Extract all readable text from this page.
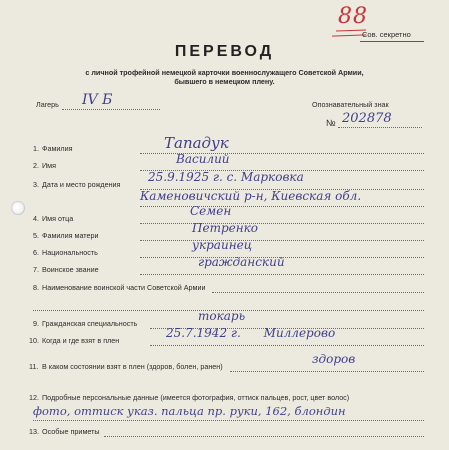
88
Сов. секретно
ПЕРЕВОД
с личной трофейной немецкой карточки военнослужащего Советской Армии,
бывшего в немецком плену.
Лагерь IV Б	Опознавательный знак
№ 202878
1. Фамилия	Тападук
2. Имя	Василий
3. Дата и место рождения
25.9.1925 г. с. Марковка
Каменовичский р-н, Киевская обл.
4. Имя отца
Семен
5. Фамилия матери
Петренко
6. Национальность
украинец
7. Воинское звание
гражданский
8. Наименование воинской части Советской Армии
9. Гражданская специальность
токарь
10. Когда и где взят в плен
25.7.1942 г.      Миллерово
11. В каком состоянии взят в плен (здоров, болен, ранен)
здоров
12. Подробные персональные данные (имеется фотография, оттиск пальцев, рост, цвет волос)
фото, оттиск указ. пальца пр. руки, 162, блондин
13. Особые приметы
